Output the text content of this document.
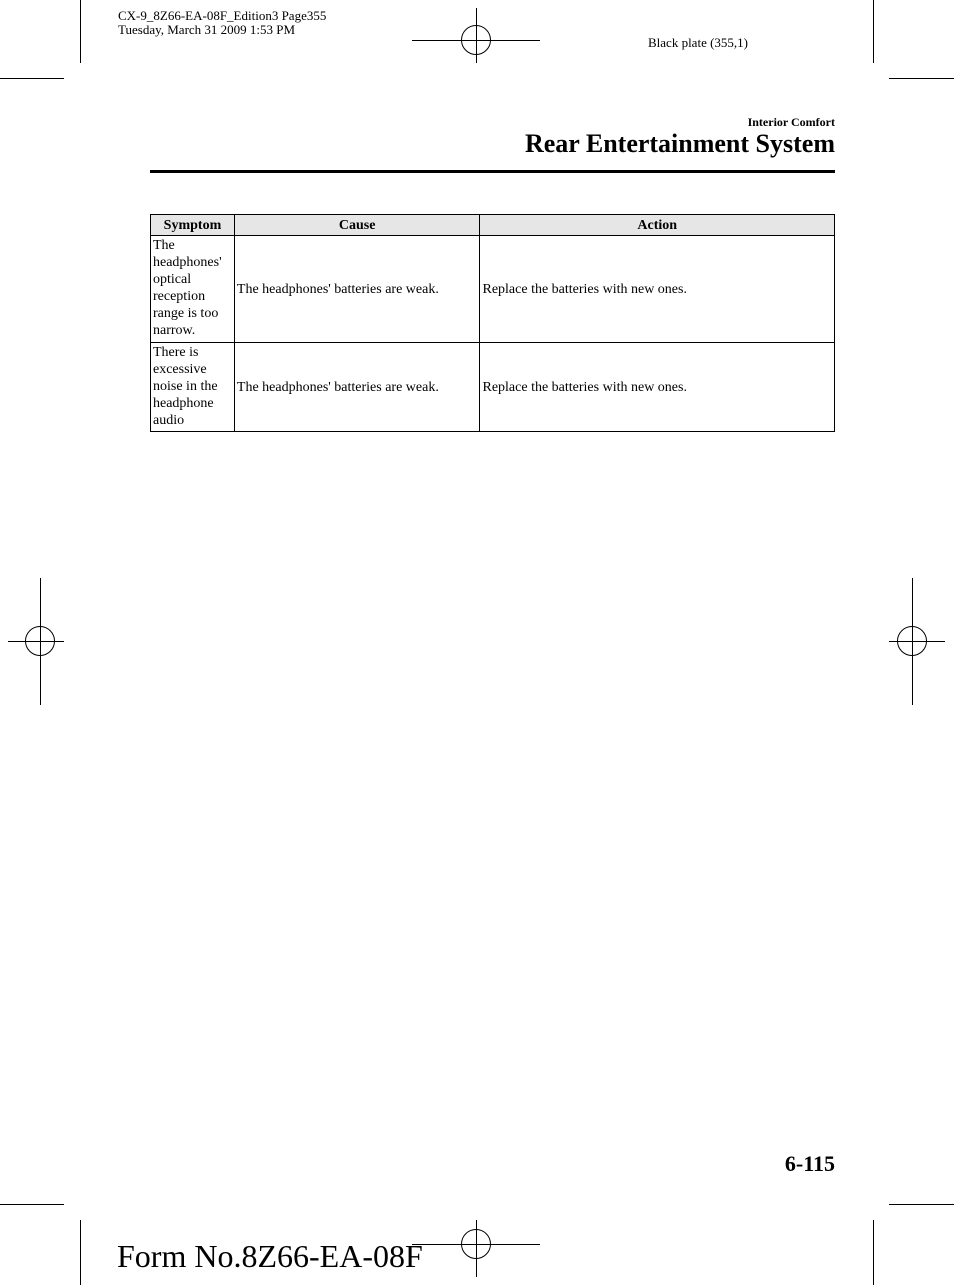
CX-9_8Z66-EA-08F_Edition3 Page355
Tuesday, March 31 2009 1:53 PM
Black plate (355,1)
Interior Comfort
Rear Entertainment System
Symptom	Cause	Action
The headphones' optical reception range is too narrow.	The headphones' batteries are weak.	Replace the batteries with new ones.
There is excessive noise in the headphone audio	The headphones' batteries are weak.	Replace the batteries with new ones.
6-115
Form No.8Z66-EA-08F
